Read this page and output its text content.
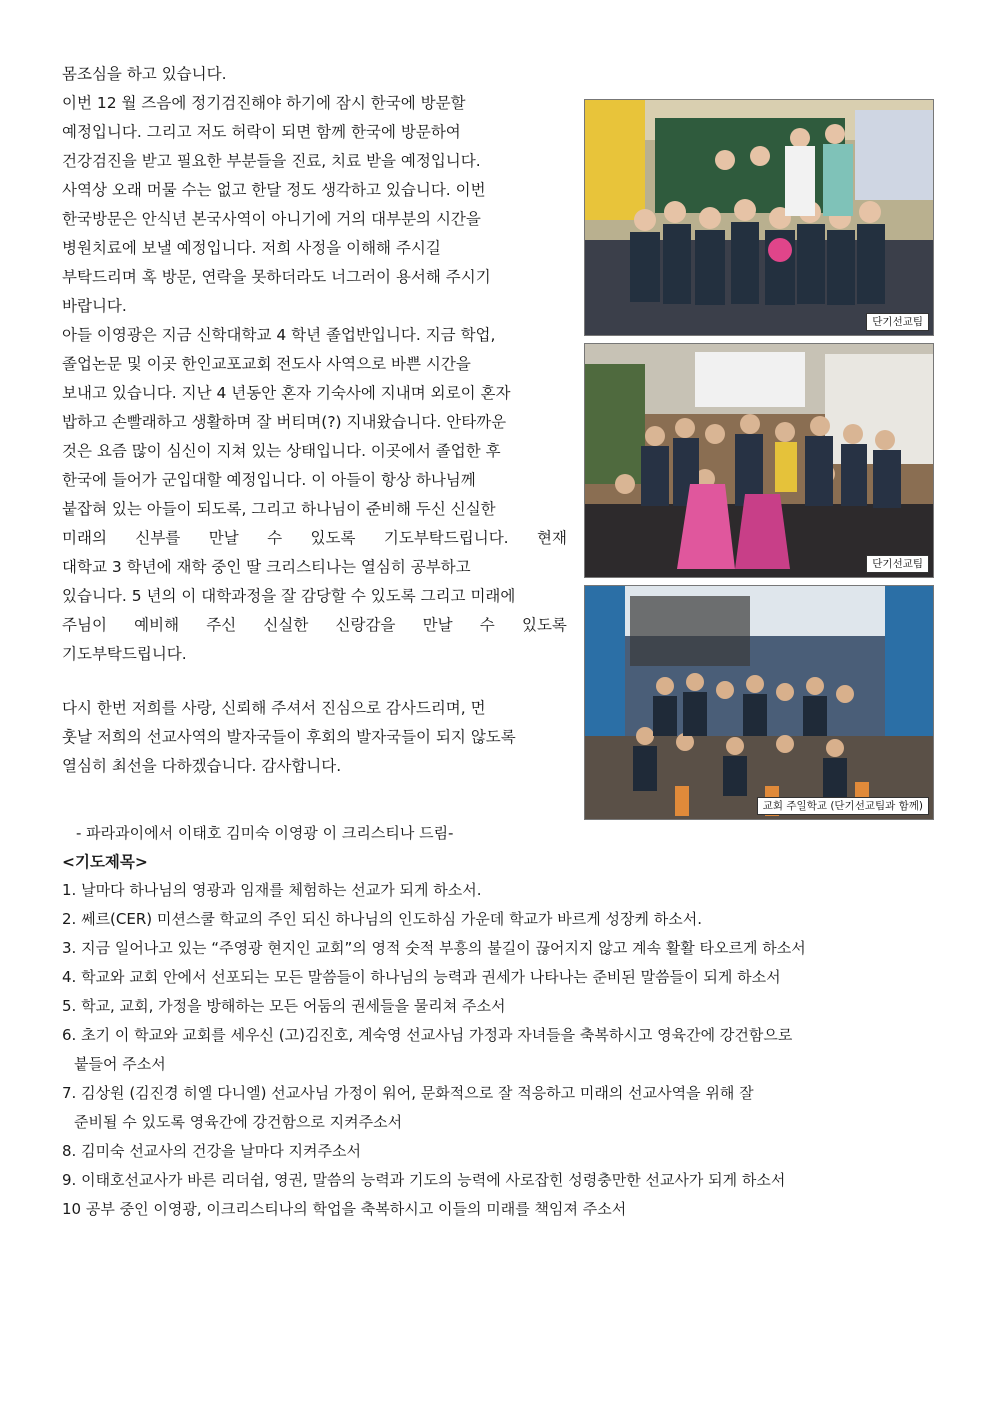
몸조심을 하고 있습니다.
이번 12 월 즈음에 정기검진해야 하기에 잠시 한국에 방문할
예정입니다. 그리고 저도 허락이 되면 함께 한국에 방문하여
건강검진을 받고 필요한 부분들을 진료, 치료 받을 예정입니다.
사역상 오래 머물 수는 없고 한달 정도 생각하고 있습니다. 이번
한국방문은 안식년 본국사역이 아니기에 거의 대부분의 시간을
병원치료에 보낼 예정입니다. 저희 사정을 이해해 주시길
부탁드리며 혹 방문, 연락을 못하더라도 너그러이 용서해 주시기
바랍니다.
아들 이영광은 지금 신학대학교 4 학년 졸업반입니다. 지금 학업,
졸업논문 및 이곳 한인교포교회 전도사 사역으로 바쁜 시간을
보내고 있습니다. 지난 4 년동안 혼자 기숙사에 지내며 외로이 혼자
밥하고 손빨래하고 생활하며 잘 버티며(?) 지내왔습니다. 안타까운
것은 요즘 많이 심신이 지쳐 있는 상태입니다. 이곳에서 졸업한 후
한국에 들어가 군입대할 예정입니다. 이 아들이 항상 하나님께
붙잡혀 있는 아들이 되도록, 그리고 하나님이 준비해 두신 신실한
미래의 신부를 만날 수 있도록 기도부탁드립니다. 현재
대학교 3 학년에 재학 중인 딸 크리스티나는 열심히 공부하고
있습니다. 5 년의 이 대학과정을 잘 감당할 수 있도록 그리고 미래에
주님이 예비해 주신 신실한 신랑감을 만날 수 있도록
기도부탁드립니다.
다시 한번 저희를 사랑, 신뢰해 주셔서 진심으로 감사드리며, 먼
훗날 저희의 선교사역의 발자국들이 후회의 발자국들이 되지 않도록
열심히 최선을 다하겠습니다. 감사합니다.
단기선교팀
단기선교팀
교회 주일학교 (단기선교팀과 함께)
- 파라과이에서 이태호 김미숙 이영광 이 크리스티나 드림-
<기도제목>
1. 날마다 하나님의 영광과 임재를 체험하는 선교가 되게 하소서.
2. 쎄르(CER) 미션스쿨 학교의 주인 되신 하나님의 인도하심 가운데 학교가 바르게 성장케 하소서.
3. 지금 일어나고 있는 “주영광 현지인 교회”의 영적 숫적 부흥의 불길이 끊어지지 않고 계속 활활 타오르게 하소서
4. 학교와 교회 안에서 선포되는 모든 말씀들이 하나님의 능력과 권세가 나타나는 준비된 말씀들이 되게 하소서
5. 학교, 교회, 가정을 방해하는 모든 어둠의 권세들을 물리쳐 주소서
6. 초기 이 학교와 교회를 세우신 (고)김진호, 계숙영 선교사님 가정과 자녀들을 축복하시고 영육간에 강건함으로
붙들어 주소서
7. 김상원 (김진경 히엘 다니엘) 선교사님 가정이 워어, 문화적으로 잘 적응하고 미래의 선교사역을 위해 잘
준비될 수 있도록 영육간에 강건함으로 지켜주소서
8. 김미숙 선교사의 건강을 날마다 지켜주소서
9. 이태호선교사가 바른 리더쉽, 영권, 말씀의 능력과 기도의 능력에 사로잡힌 성령충만한 선교사가 되게 하소서
10 공부 중인 이영광, 이크리스티나의 학업을 축복하시고 이들의 미래를 책임져 주소서
